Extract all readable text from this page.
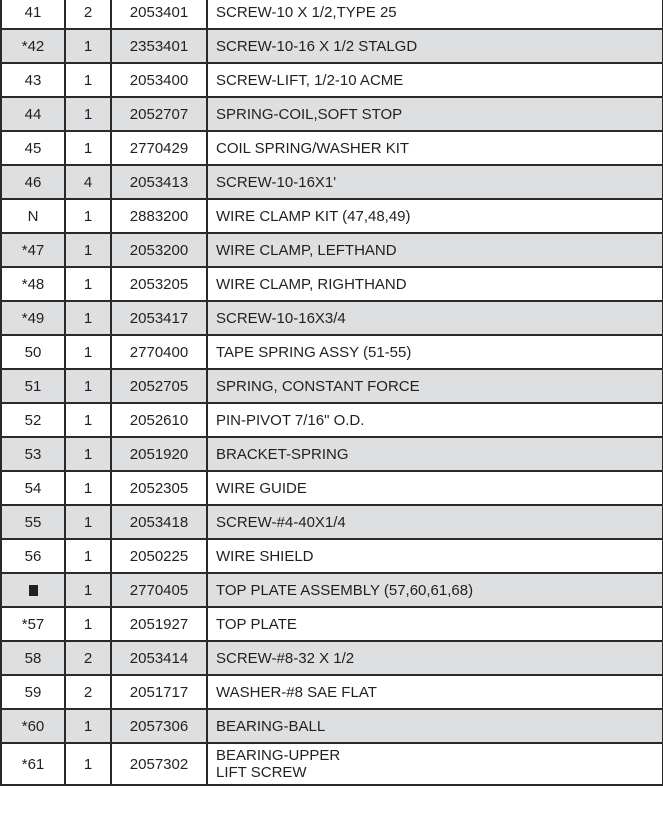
41	2	2053401	SCREW-10 X 1/2,TYPE 25
*42	1	2353401	SCREW-10-16 X 1/2 STALGD
43	1	2053400	SCREW-LIFT, 1/2-10 ACME
44	1	2052707	SPRING-COIL,SOFT STOP
45	1	2770429	COIL SPRING/WASHER KIT
46	4	2053413	SCREW-10-16X1'
N	1	2883200	WIRE CLAMP KIT (47,48,49)
*47	1	2053200	WIRE CLAMP, LEFTHAND
*48	1	2053205	WIRE CLAMP, RIGHTHAND
*49	1	2053417	SCREW-10-16X3/4
50	1	2770400	TAPE SPRING ASSY (51-55)
51	1	2052705	SPRING, CONSTANT FORCE
52	1	2052610	PIN-PIVOT 7/16" O.D.
53	1	2051920	BRACKET-SPRING
54	1	2052305	WIRE GUIDE
55	1	2053418	SCREW-#4-40X1/4
56	1	2050225	WIRE SHIELD
	1	2770405	TOP PLATE ASSEMBLY (57,60,61,68)
*57	1	2051927	TOP PLATE
58	2	2053414	SCREW-#8-32 X 1/2
59	2	2051717	WASHER-#8 SAE FLAT
*60	1	2057306	BEARING-BALL
*61	1	2057302	BEARING-UPPER
LIFT SCREW
